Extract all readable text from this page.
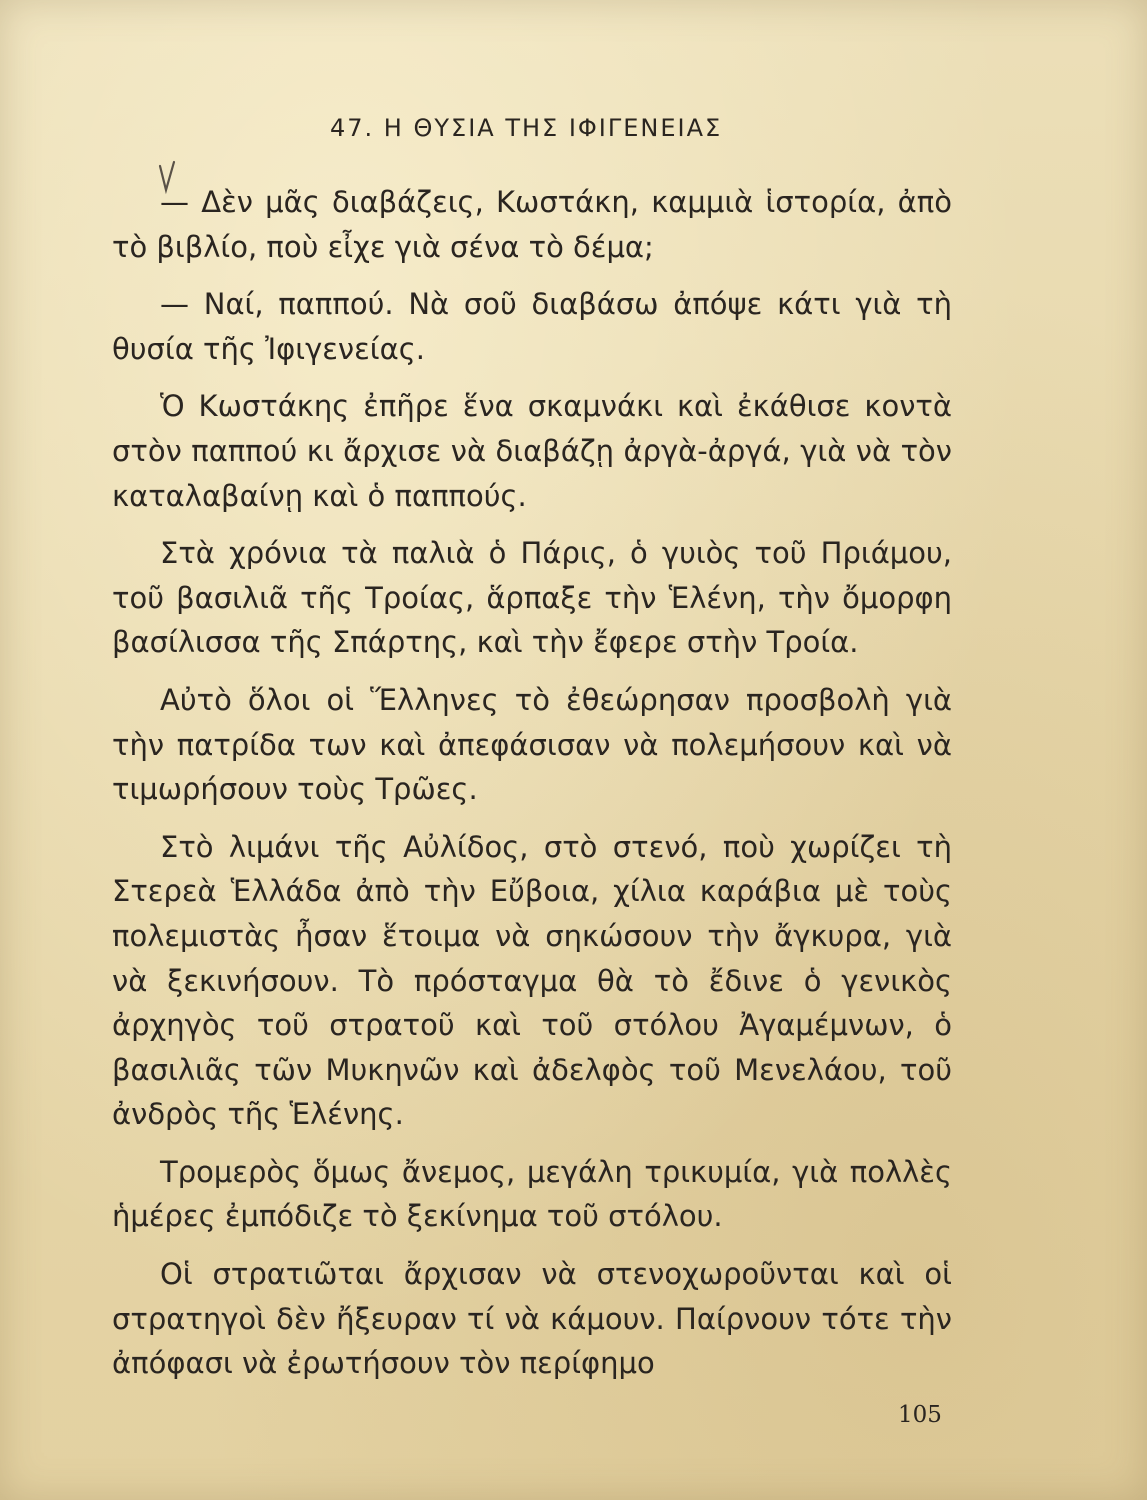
47. Η ΘΥΣΙΑ ΤΗΣ ΙΦΙΓΕΝΕΙΑΣ

— Δὲν μᾶς διαβάζεις, Κωστάκη, καμμιὰ ἱστορία, ἀπὸ τὸ βιβλίο, ποὺ εἶχε γιὰ σένα τὸ δέμα;

— Ναί, παππού. Νὰ σοῦ διαβάσω ἀπόψε κάτι γιὰ τὴ θυσία τῆς Ἰφιγενείας.

Ὁ Κωστάκης ἐπῆρε ἕνα σκαμνάκι καὶ ἐκάθισε κοντὰ στὸν παππού κι ἄρχισε νὰ διαβάζῃ ἀργὰ-ἀργά, γιὰ νὰ τὸν καταλαβαίνῃ καὶ ὁ παππούς.

Στὰ χρόνια τὰ παλιὰ ὁ Πάρις, ὁ γυιὸς τοῦ Πριάμου, τοῦ βασιλιᾶ τῆς Τροίας, ἅρπαξε τὴν Ἑλένη, τὴν ὄμορφη βασίλισσα τῆς Σπάρτης, καὶ τὴν ἔφερε στὴν Τροία.

Αὐτὸ ὅλοι οἱ Ἕλληνες τὸ ἐθεώρησαν προσβολὴ γιὰ τὴν πατρίδα των καὶ ἀπεφάσισαν νὰ πολεμήσουν καὶ νὰ τιμωρήσουν τοὺς Τρῶες.

Στὸ λιμάνι τῆς Αὐλίδος, στὸ στενό, ποὺ χωρίζει τὴ Στερεὰ Ἑλλάδα ἀπὸ τὴν Εὔβοια, χίλια καράβια μὲ τοὺς πολεμιστὰς ἦσαν ἕτοιμα νὰ σηκώσουν τὴν ἄγκυρα, γιὰ νὰ ξεκινήσουν. Τὸ πρόσταγμα θὰ τὸ ἔδινε ὁ γενικὸς ἀρχηγὸς τοῦ στρατοῦ καὶ τοῦ στόλου Ἀγαμέμνων, ὁ βασιλιᾶς τῶν Μυκηνῶν καὶ ἀδελφὸς τοῦ Μενελάου, τοῦ ἀνδρὸς τῆς Ἑλένης.

Τρομερὸς ὅμως ἄνεμος, μεγάλη τρικυμία, γιὰ πολλὲς ἡμέρες ἐμπόδιζε τὸ ξεκίνημα τοῦ στόλου.

Οἱ στρατιῶται ἄρχισαν νὰ στενοχωροῦνται καὶ οἱ στρατηγοὶ δὲν ἤξευραν τί νὰ κάμουν. Παίρνουν τότε τὴν ἀπόφασι νὰ ἐρωτήσουν τὸν περίφημο

105
